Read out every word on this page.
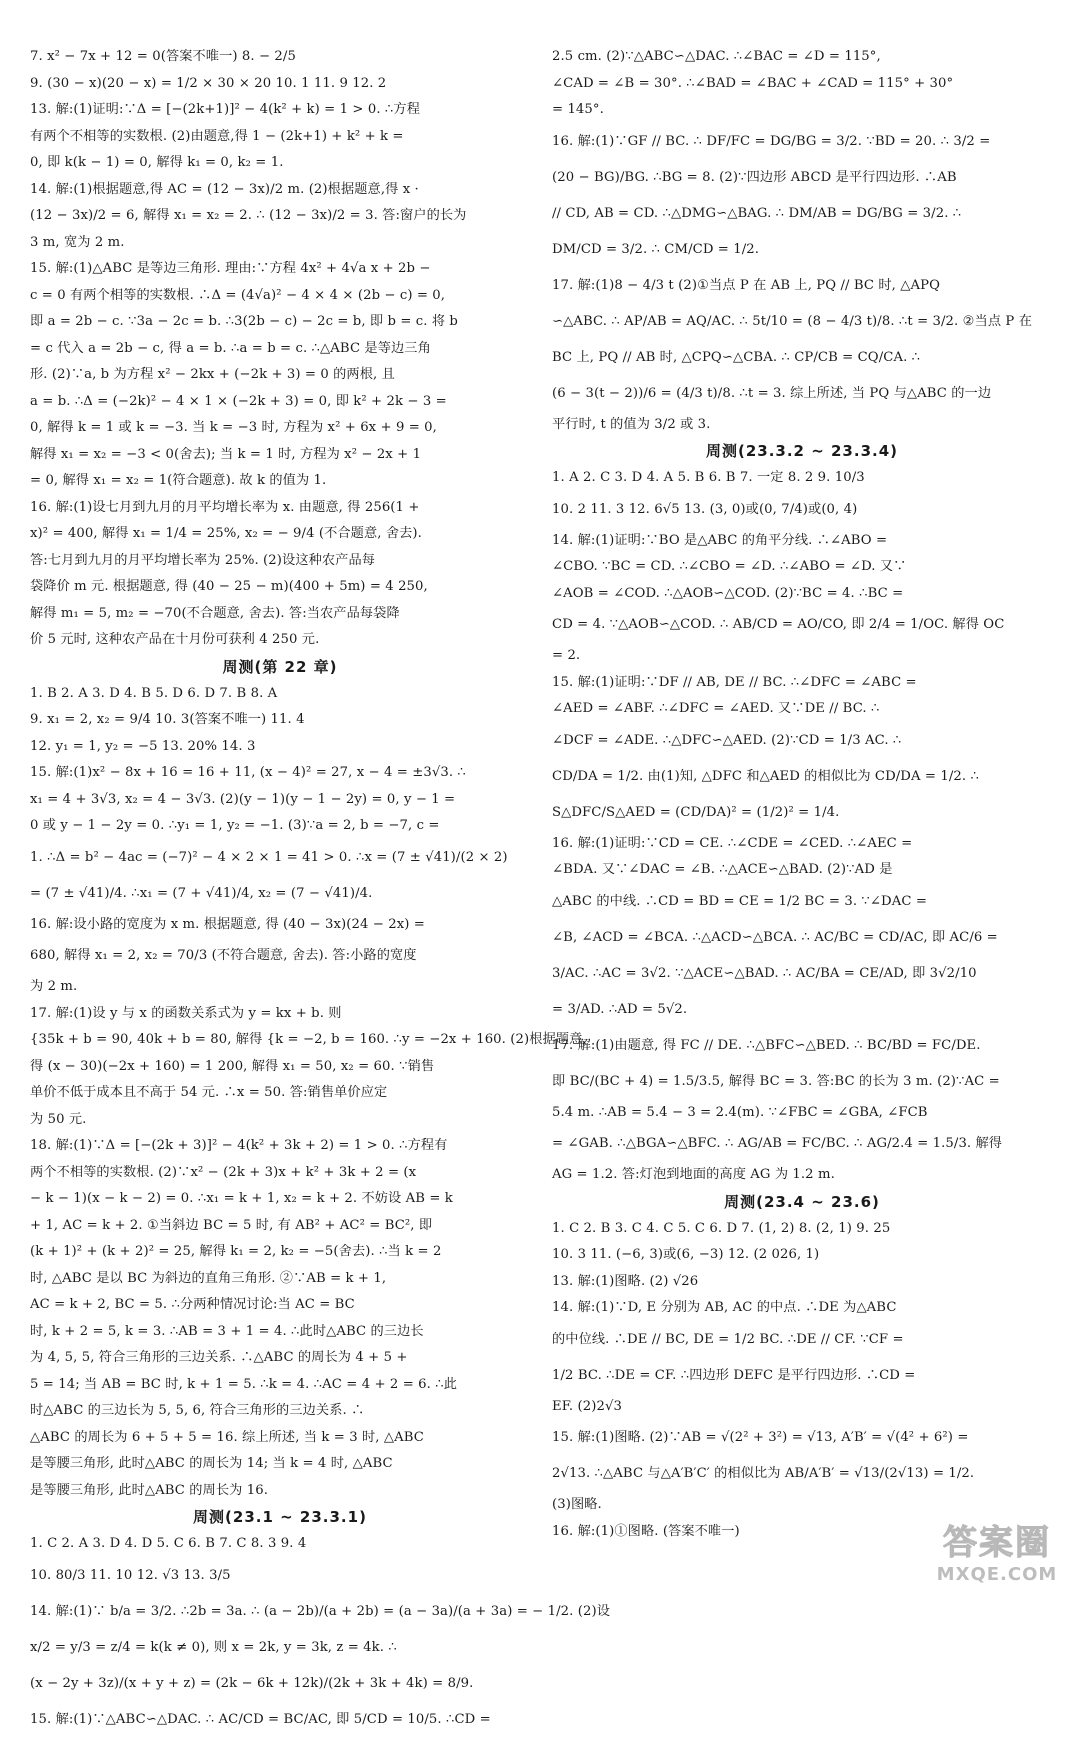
7. x² − 7x + 12 = 0(答案不唯一) 8. − 2/5
9. (30 − x)(20 − x) = 1/2 × 30 × 20 10. 1 11. 9 12. 2
13. 解:(1)证明:∵Δ = [−(2k+1)]² − 4(k² + k) = 1 > 0. ∴方程
有两个不相等的实数根. (2)由题意,得 1 − (2k+1) + k² + k =
0, 即 k(k − 1) = 0, 解得 k₁ = 0, k₂ = 1.
14. 解:(1)根据题意,得 AC = (12 − 3x)/2 m. (2)根据题意,得 x ·
(12 − 3x)/2 = 6, 解得 x₁ = x₂ = 2. ∴ (12 − 3x)/2 = 3. 答:窗户的长为
3 m, 宽为 2 m.
15. 解:(1)△ABC 是等边三角形. 理由:∵方程 4x² + 4√a x + 2b −
c = 0 有两个相等的实数根. ∴Δ = (4√a)² − 4 × 4 × (2b − c) = 0,
即 a = 2b − c. ∵3a − 2c = b. ∴3(2b − c) − 2c = b, 即 b = c. 将 b
= c 代入 a = 2b − c, 得 a = b. ∴a = b = c. ∴△ABC 是等边三角
形. (2)∵a, b 为方程 x² − 2kx + (−2k + 3) = 0 的两根, 且
a = b. ∴Δ = (−2k)² − 4 × 1 × (−2k + 3) = 0, 即 k² + 2k − 3 =
0, 解得 k = 1 或 k = −3. 当 k = −3 时, 方程为 x² + 6x + 9 = 0,
解得 x₁ = x₂ = −3 < 0(舍去); 当 k = 1 时, 方程为 x² − 2x + 1
= 0, 解得 x₁ = x₂ = 1(符合题意). 故 k 的值为 1.
16. 解:(1)设七月到九月的月平均增长率为 x. 由题意, 得 256(1 +
x)² = 400, 解得 x₁ = 1/4 = 25%, x₂ = − 9/4 (不合题意, 舍去).
答:七月到九月的月平均增长率为 25%. (2)设这种农产品每
袋降价 m 元. 根据题意, 得 (40 − 25 − m)(400 + 5m) = 4 250,
解得 m₁ = 5, m₂ = −70(不合题意, 舍去). 答:当农产品每袋降
价 5 元时, 这种农产品在十月份可获利 4 250 元.
周测(第 22 章)
1. B 2. A 3. D 4. B 5. D 6. D 7. B 8. A
9. x₁ = 2, x₂ = 9/4 10. 3(答案不唯一) 11. 4
12. y₁ = 1, y₂ = −5 13. 20% 14. 3
15. 解:(1)x² − 8x + 16 = 16 + 11, (x − 4)² = 27, x − 4 = ±3√3. ∴
x₁ = 4 + 3√3, x₂ = 4 − 3√3. (2)(y − 1)(y − 1 − 2y) = 0, y − 1 =
0 或 y − 1 − 2y = 0. ∴y₁ = 1, y₂ = −1. (3)∵a = 2, b = −7, c =
1. ∴Δ = b² − 4ac = (−7)² − 4 × 2 × 1 = 41 > 0. ∴x = (7 ± √41)/(2 × 2)
= (7 ± √41)/4. ∴x₁ = (7 + √41)/4, x₂ = (7 − √41)/4.
16. 解:设小路的宽度为 x m. 根据题意, 得 (40 − 3x)(24 − 2x) =
680, 解得 x₁ = 2, x₂ = 70/3 (不符合题意, 舍去). 答:小路的宽度
为 2 m.
17. 解:(1)设 y 与 x 的函数关系式为 y = kx + b. 则
{35k + b = 90, 40k + b = 80, 解得 {k = −2, b = 160. ∴y = −2x + 160. (2)根据题意,
得 (x − 30)(−2x + 160) = 1 200, 解得 x₁ = 50, x₂ = 60. ∵销售
单价不低于成本且不高于 54 元. ∴x = 50. 答:销售单价应定
为 50 元.
18. 解:(1)∵Δ = [−(2k + 3)]² − 4(k² + 3k + 2) = 1 > 0. ∴方程有
两个不相等的实数根. (2)∵x² − (2k + 3)x + k² + 3k + 2 = (x
− k − 1)(x − k − 2) = 0. ∴x₁ = k + 1, x₂ = k + 2. 不妨设 AB = k
+ 1, AC = k + 2. ①当斜边 BC = 5 时, 有 AB² + AC² = BC², 即
(k + 1)² + (k + 2)² = 25, 解得 k₁ = 2, k₂ = −5(舍去). ∴当 k = 2
时, △ABC 是以 BC 为斜边的直角三角形. ②∵AB = k + 1,
AC = k + 2, BC = 5. ∴分两种情况讨论:当 AC = BC
时, k + 2 = 5, k = 3. ∴AB = 3 + 1 = 4. ∴此时△ABC 的三边长
为 4, 5, 5, 符合三角形的三边关系. ∴△ABC 的周长为 4 + 5 +
5 = 14; 当 AB = BC 时, k + 1 = 5. ∴k = 4. ∴AC = 4 + 2 = 6. ∴此
时△ABC 的三边长为 5, 5, 6, 符合三角形的三边关系. ∴
△ABC 的周长为 6 + 5 + 5 = 16. 综上所述, 当 k = 3 时, △ABC
是等腰三角形, 此时△ABC 的周长为 14; 当 k = 4 时, △ABC
是等腰三角形, 此时△ABC 的周长为 16.
周测(23.1 ~ 23.3.1)
1. C 2. A 3. D 4. D 5. C 6. B 7. C 8. 3 9. 4
10. 80/3 11. 10 12. √3 13. 3/5
14. 解:(1)∵ b/a = 3/2. ∴2b = 3a. ∴ (a − 2b)/(a + 2b) = (a − 3a)/(a + 3a) = − 1/2. (2)设
x/2 = y/3 = z/4 = k(k ≠ 0), 则 x = 2k, y = 3k, z = 4k. ∴
(x − 2y + 3z)/(x + y + z) = (2k − 6k + 12k)/(2k + 3k + 4k) = 8/9.
15. 解:(1)∵△ABC∽△DAC. ∴ AC/CD = BC/AC, 即 5/CD = 10/5. ∴CD =
2.5 cm. (2)∵△ABC∽△DAC. ∴∠BAC = ∠D = 115°,
∠CAD = ∠B = 30°. ∴∠BAD = ∠BAC + ∠CAD = 115° + 30°
= 145°.
16. 解:(1)∵GF // BC. ∴ DF/FC = DG/BG = 3/2. ∵BD = 20. ∴ 3/2 =
(20 − BG)/BG. ∴BG = 8. (2)∵四边形 ABCD 是平行四边形. ∴AB
// CD, AB = CD. ∴△DMG∽△BAG. ∴ DM/AB = DG/BG = 3/2. ∴
DM/CD = 3/2. ∴ CM/CD = 1/2.
17. 解:(1)8 − 4/3 t (2)①当点 P 在 AB 上, PQ // BC 时, △APQ
∽△ABC. ∴ AP/AB = AQ/AC. ∴ 5t/10 = (8 − 4/3 t)/8. ∴t = 3/2. ②当点 P 在
BC 上, PQ // AB 时, △CPQ∽△CBA. ∴ CP/CB = CQ/CA. ∴
(6 − 3(t − 2))/6 = (4/3 t)/8. ∴t = 3. 综上所述, 当 PQ 与△ABC 的一边
平行时, t 的值为 3/2 或 3.
周测(23.3.2 ~ 23.3.4)
1. A 2. C 3. D 4. A 5. B 6. B 7. 一定 8. 2 9. 10/3
10. 2 11. 3 12. 6√5 13. (3, 0)或(0, 7/4)或(0, 4)
14. 解:(1)证明:∵BO 是△ABC 的角平分线. ∴∠ABO =
∠CBO. ∵BC = CD. ∴∠CBO = ∠D. ∴∠ABO = ∠D. 又∵
∠AOB = ∠COD. ∴△AOB∽△COD. (2)∵BC = 4. ∴BC =
CD = 4. ∵△AOB∽△COD. ∴ AB/CD = AO/CO, 即 2/4 = 1/OC. 解得 OC
= 2.
15. 解:(1)证明:∵DF // AB, DE // BC. ∴∠DFC = ∠ABC =
∠AED = ∠ABF. ∴∠DFC = ∠AED. 又∵DE // BC. ∴
∠DCF = ∠ADE. ∴△DFC∽△AED. (2)∵CD = 1/3 AC. ∴
CD/DA = 1/2. 由(1)知, △DFC 和△AED 的相似比为 CD/DA = 1/2. ∴
S△DFC/S△AED = (CD/DA)² = (1/2)² = 1/4.
16. 解:(1)证明:∵CD = CE. ∴∠CDE = ∠CED. ∴∠AEC =
∠BDA. 又∵∠DAC = ∠B. ∴△ACE∽△BAD. (2)∵AD 是
△ABC 的中线. ∴CD = BD = CE = 1/2 BC = 3. ∵∠DAC =
∠B, ∠ACD = ∠BCA. ∴△ACD∽△BCA. ∴ AC/BC = CD/AC, 即 AC/6 =
3/AC. ∴AC = 3√2. ∵△ACE∽△BAD. ∴ AC/BA = CE/AD, 即 3√2/10
= 3/AD. ∴AD = 5√2.
17. 解:(1)由题意, 得 FC // DE. ∴△BFC∽△BED. ∴ BC/BD = FC/DE.
即 BC/(BC + 4) = 1.5/3.5, 解得 BC = 3. 答:BC 的长为 3 m. (2)∵AC =
5.4 m. ∴AB = 5.4 − 3 = 2.4(m). ∵∠FBC = ∠GBA, ∠FCB
= ∠GAB. ∴△BGA∽△BFC. ∴ AG/AB = FC/BC. ∴ AG/2.4 = 1.5/3. 解得
AG = 1.2. 答:灯泡到地面的高度 AG 为 1.2 m.
周测(23.4 ~ 23.6)
1. C 2. B 3. C 4. C 5. C 6. D 7. (1, 2) 8. (2, 1) 9. 25
10. 3 11. (−6, 3)或(6, −3) 12. (2 026, 1)
13. 解:(1)图略. (2) √26
14. 解:(1)∵D, E 分别为 AB, AC 的中点. ∴DE 为△ABC
的中位线. ∴DE // BC, DE = 1/2 BC. ∴DE // CF. ∵CF =
1/2 BC. ∴DE = CF. ∴四边形 DEFC 是平行四边形. ∴CD =
EF. (2)2√3
15. 解:(1)图略. (2)∵AB = √(2² + 3²) = √13, A′B′ = √(4² + 6²) =
2√13. ∴△ABC 与△A′B′C′ 的相似比为 AB/A′B′ = √13/(2√13) = 1/2.
(3)图略.
16. 解:(1)①图略. (答案不唯一)	答案圈
MXQE.COM
